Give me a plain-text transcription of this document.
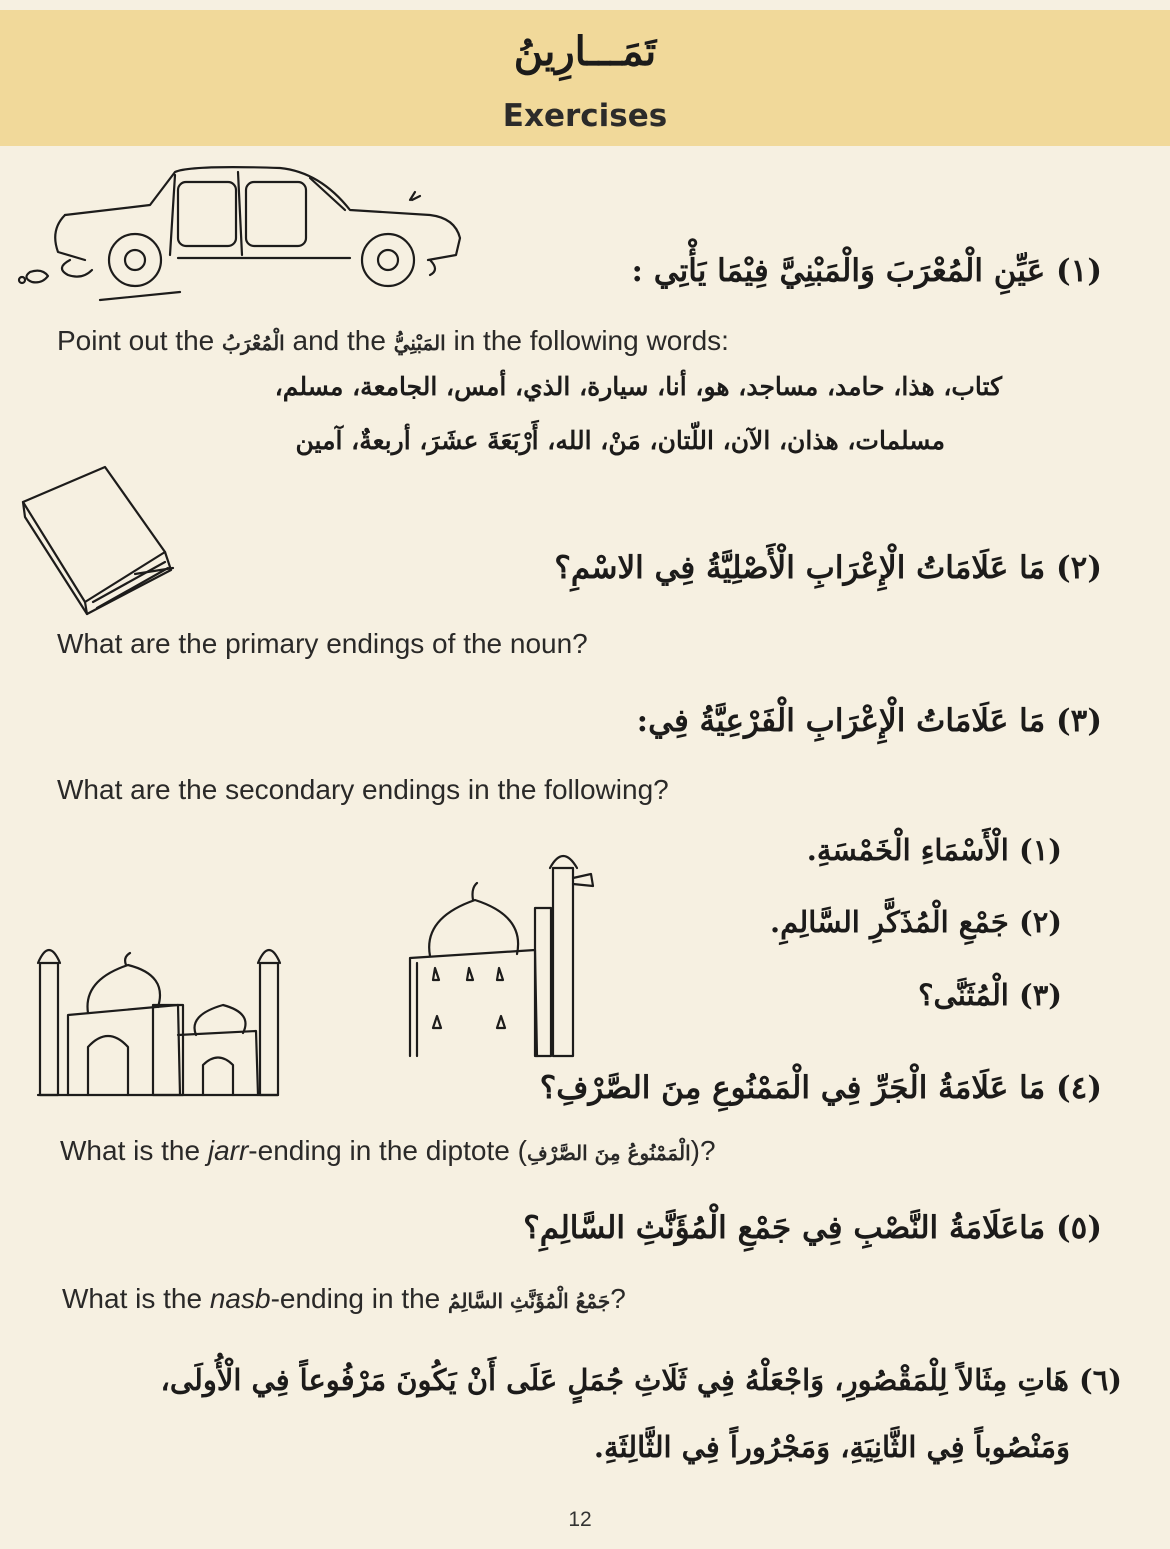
تَمَـــارِينُ
Exercises
(١) عَيِّنِ الْمُعْرَبَ وَالْمَبْنِيَّ فِيْمَا يَأْتِي :
Point out the الْمُعْرَبُ and the المَبْنِيُّ in the following words:
كتاب، هذا، حامد، مساجد، هو، أنا، سيارة، الذي، أمس، الجامعة، مسلم،
مسلمات، هذان، الآن، اللّتان، مَنْ، الله، أَرْبَعَةَ عشَرَ، أربعةٌ، آمين
(٢) مَا عَلَامَاتُ الْإِعْرَابِ الْأَصْلِيَّةُ فِي الاسْمِ؟
What are the primary endings of the noun?
(٣) مَا عَلَامَاتُ الْإِعْرَابِ الْفَرْعِيَّةُ فِي:
What are the secondary endings in the following?
(١) الْأَسْمَاءِ الْخَمْسَةِ.
(٢) جَمْعِ الْمُذَكَّرِ السَّالِمِ.
(٣) الْمُثَنَّى؟
(٤) مَا عَلَامَةُ الْجَرِّ فِي الْمَمْنُوعِ مِنَ الصَّرْفِ؟
What is the jarr-ending in the diptote (الْمَمْنُوعُ مِنَ الصَّرْفِ)?
(٥) مَاعَلَامَةُ النَّصْبِ فِي جَمْعِ الْمُؤَنَّثِ السَّالِمِ؟
What is the nasb-ending in the جَمْعُ الْمُؤَنَّثِ السَّالِمُ?
(٦) هَاتِ مِثَالاً لِلْمَقْصُورِ، وَاجْعَلْهُ فِي ثَلَاثِ جُمَلٍ عَلَى أَنْ يَكُونَ مَرْفُوعاً فِي الْأُولَى،
وَمَنْصُوباً فِي الثَّانِيَةِ، وَمَجْرُوراً فِي الثَّالِثَةِ.
12
